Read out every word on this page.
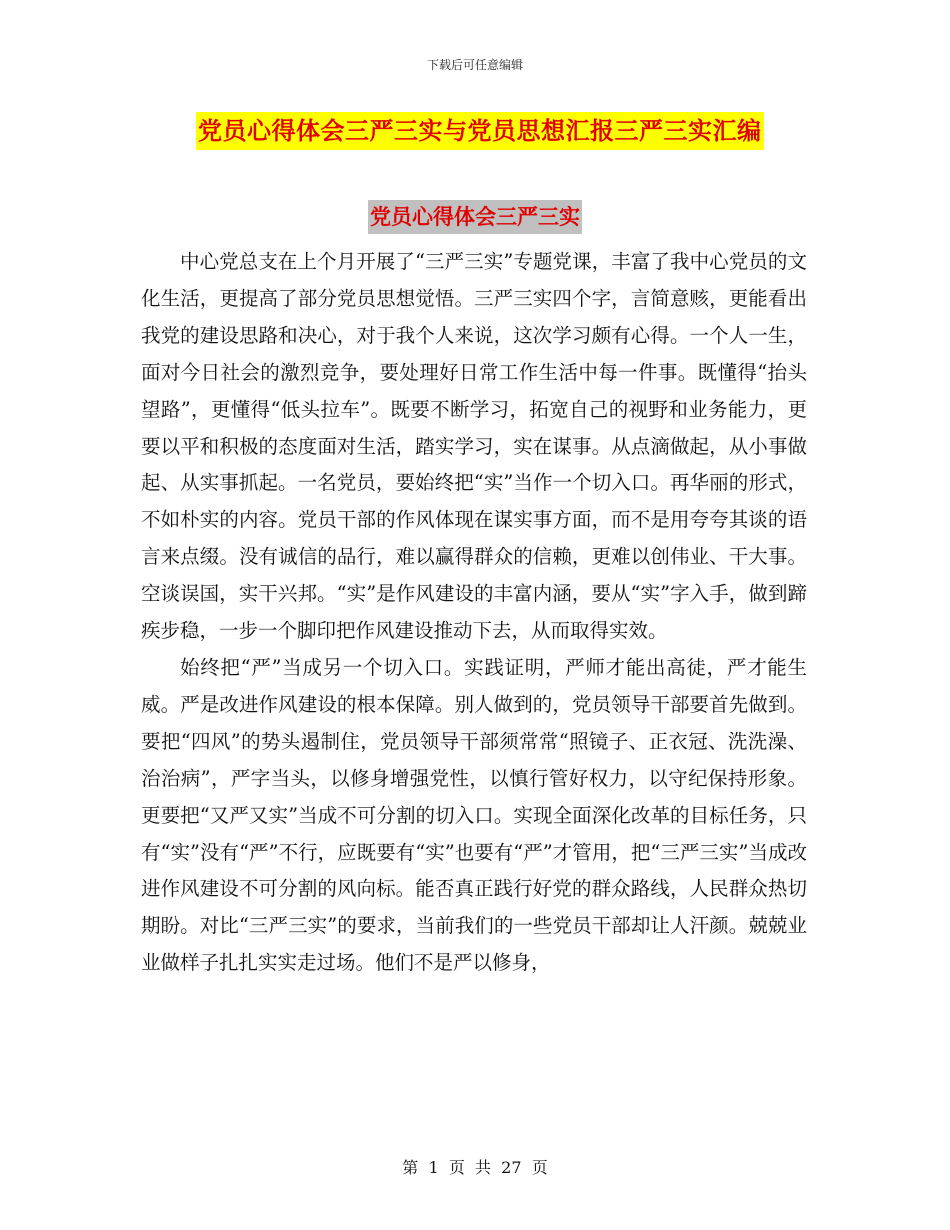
下载后可任意编辑
党员心得体会三严三实与党员思想汇报三严三实汇编
党员心得体会三严三实

中心党总支在上个月开展了“三严三实”专题党课，丰富了我中心党员的文化生活，更提高了部分党员思想觉悟。三严三实四个字，言简意赅，更能看出我党的建设思路和决心，对于我个人来说，这次学习颇有心得。一个人一生，面对今日社会的激烈竞争，要处理好日常工作生活中每一件事。既懂得“抬头望路”，更懂得“低头拉车”。既要不断学习，拓宽自己的视野和业务能力，更要以平和积极的态度面对生活，踏实学习，实在谋事。从点滴做起，从小事做起、从实事抓起。一名党员，要始终把“实”当作一个切入口。再华丽的形式，不如朴实的内容。党员干部的作风体现在谋实事方面，而不是用夸夸其谈的语言来点缀。没有诚信的品行，难以赢得群众的信赖，更难以创伟业、干大事。空谈误国，实干兴邦。“实”是作风建设的丰富内涵，要从“实”字入手，做到蹄疾步稳，一步一个脚印把作风建设推动下去，从而取得实效。

始终把“严”当成另一个切入口。实践证明，严师才能出高徒，严才能生威。严是改进作风建设的根本保障。别人做到的，党员领导干部要首先做到。要把“四风”的势头遏制住，党员领导干部须常常“照镜子、正衣冠、洗洗澡、治治病”，严字当头，以修身增强党性，以慎行管好权力，以守纪保持形象。更要把“又严又实”当成不可分割的切入口。实现全面深化改革的目标任务，只有“实”没有“严”不行，应既要有“实”也要有“严”才管用，把“三严三实”当成改进作风建设不可分割的风向标。能否真正践行好党的群众路线，人民群众热切期盼。对比“三严三实”的要求，当前我们的一些党员干部却让人汗颜。兢兢业业做样子扎扎实实走过场。他们不是严以修身，

第  1  页  共  27  页
